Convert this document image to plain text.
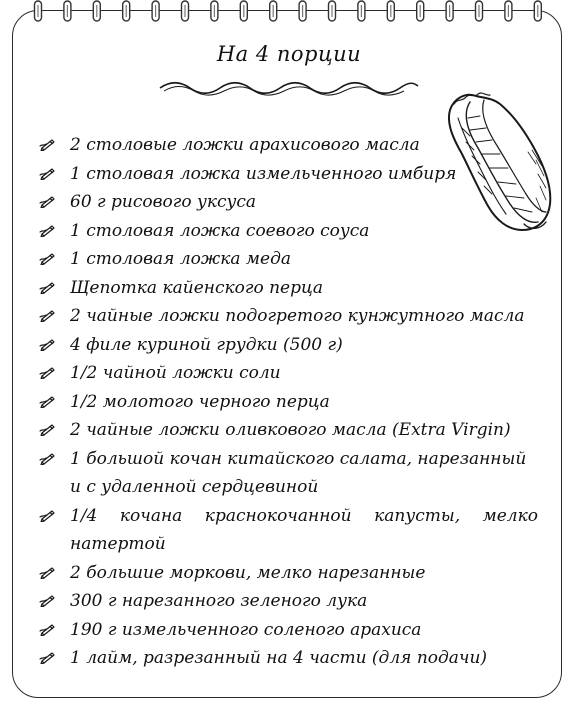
На 4 порции
2 столовые ложки арахисового масла
1 столовая ложка измельченного имбиря
60 г рисового уксуса
1 столовая ложка соевого соуса
1 столовая ложка меда
Щепотка кайенского перца
2 чайные ложки подогретого кунжутного масла
4 филе куриной грудки (500 г)
1/2 чайной ложки соли
1/2 молотого черного перца
2 чайные ложки оливкового масла (Extra Virgin)
1 большой кочан китайского салата, нарезанный
и с удаленной сердцевиной
1/4 кочана краснокочанной капусты, мелко
натертой
2 большие моркови, мелко нарезанные
300 г нарезанного зеленого лука
190 г измельченного соленого арахиса
1 лайм, разрезанный на 4 части (для подачи)
